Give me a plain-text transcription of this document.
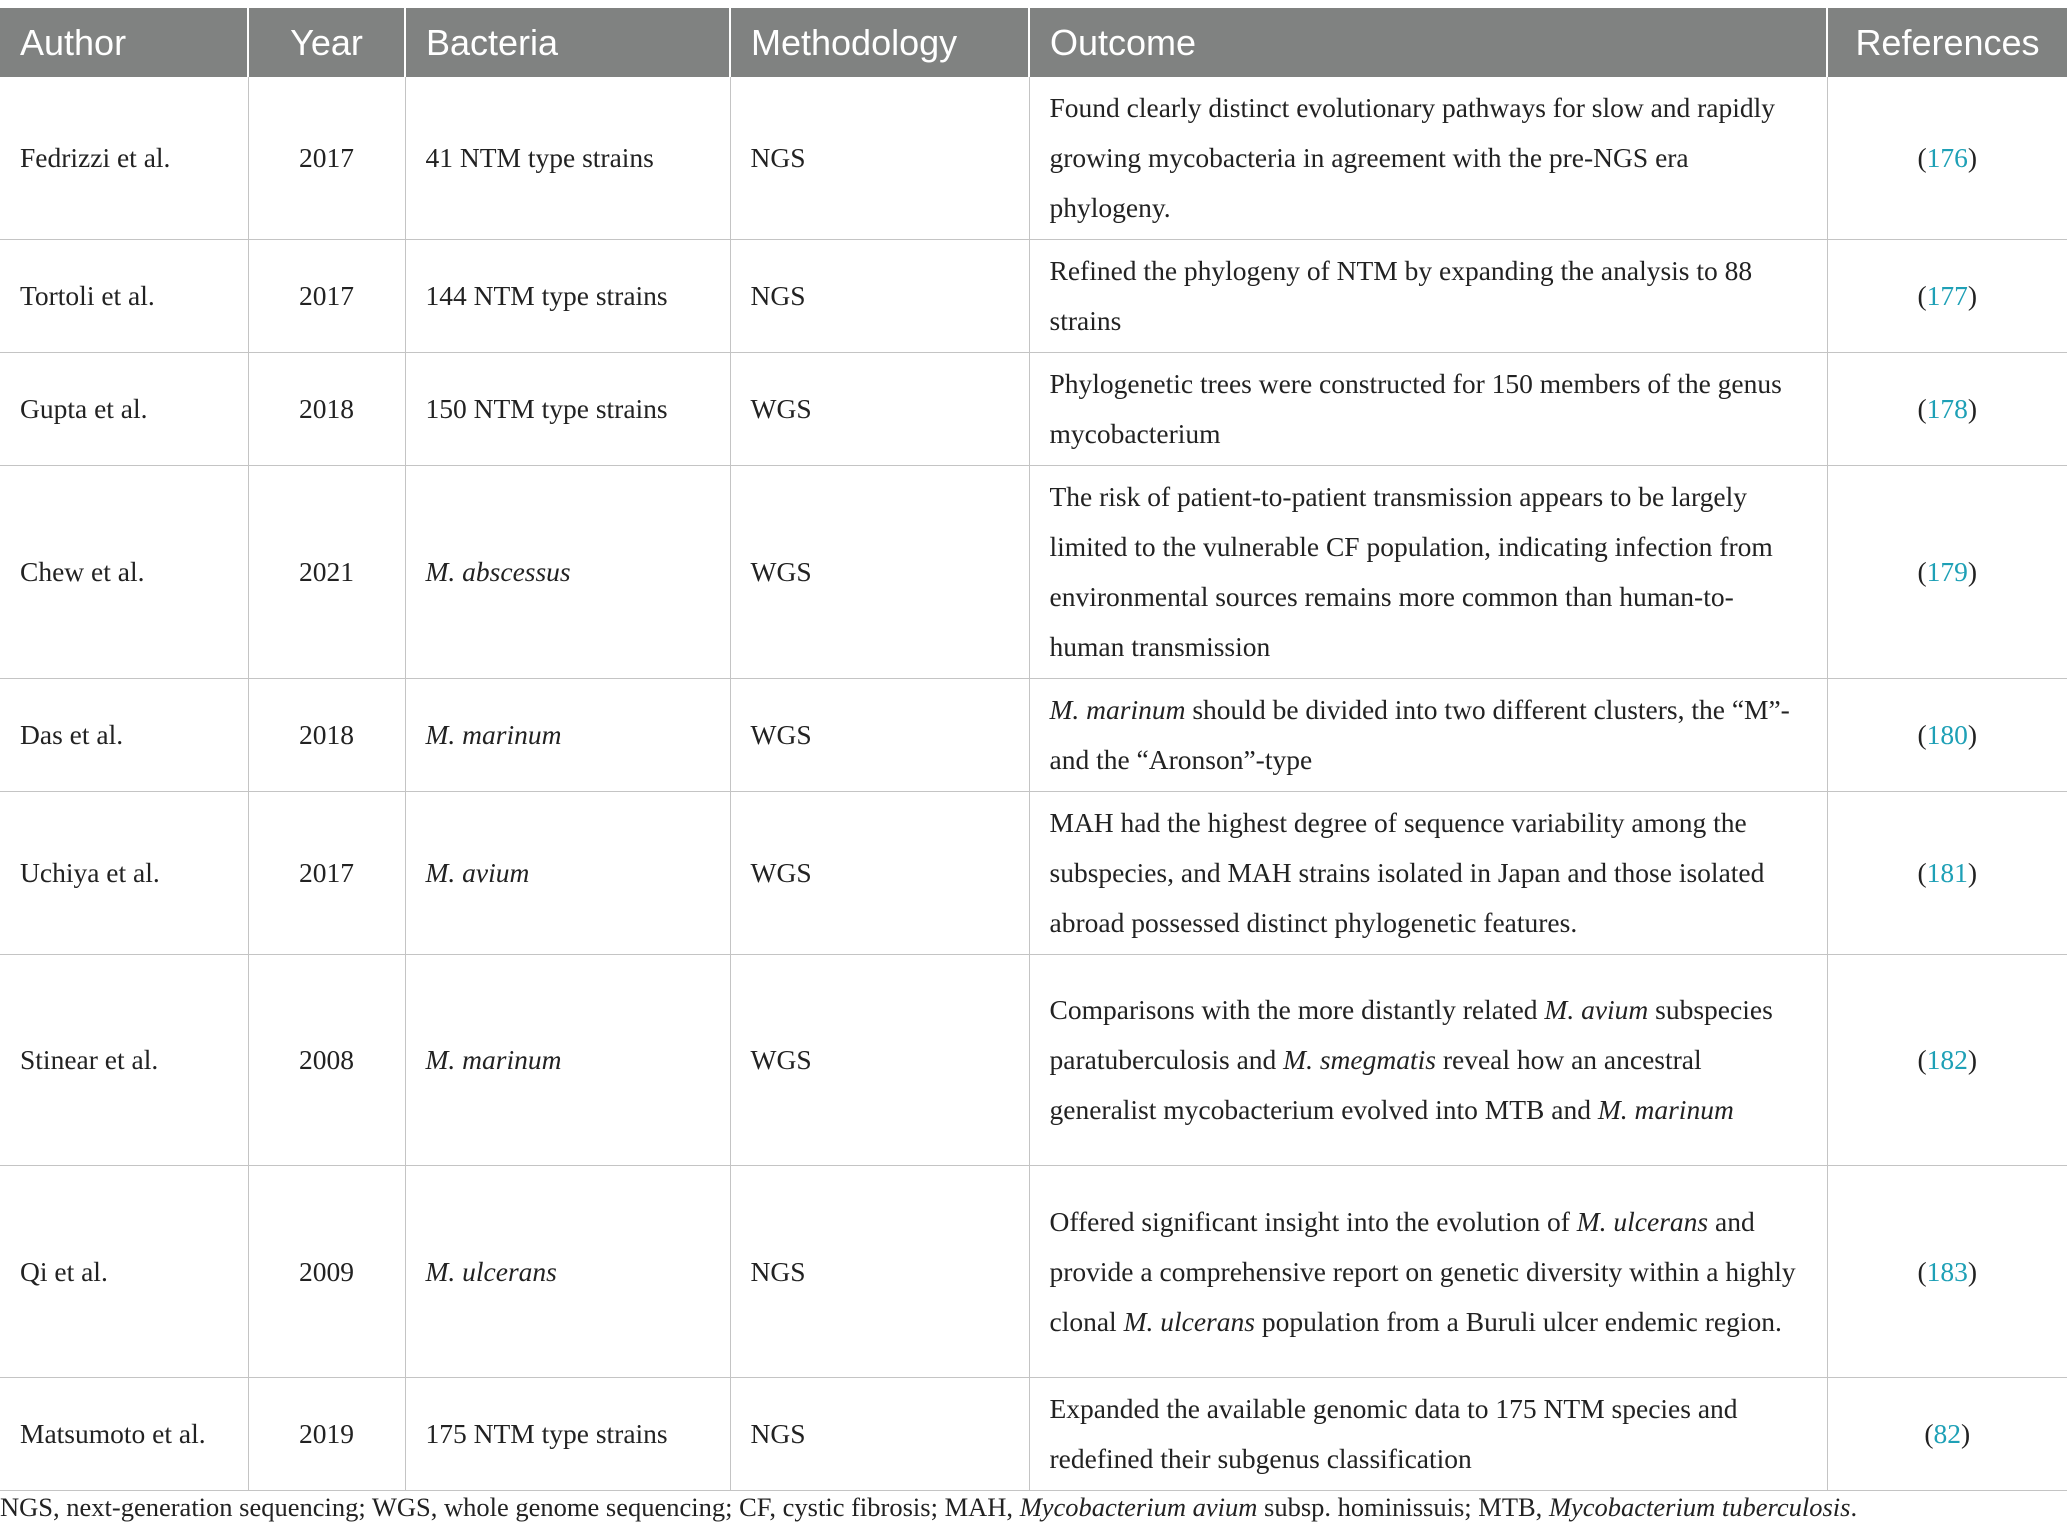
Author	Year	Bacteria	Methodology	Outcome	References
Fedrizzi et al.	2017	41 NTM type strains	NGS	Found clearly distinct evolutionary pathways for slow and rapidly growing mycobacteria in agreement with the pre-NGS era phylogeny.	(176)
Tortoli et al.	2017	144 NTM type strains	NGS	Refined the phylogeny of NTM by expanding the analysis to 88 strains	(177)
Gupta et al.	2018	150 NTM type strains	WGS	Phylogenetic trees were constructed for 150 members of the genus mycobacterium	(178)
Chew et al.	2021	M. abscessus	WGS	The risk of patient-to-patient transmission appears to be largely limited to the vulnerable CF population, indicating infection from environmental sources remains more common than human-to-human transmission	(179)
Das et al.	2018	M. marinum	WGS	M. marinum should be divided into two different clusters, the “M”- and the “Aronson”-type	(180)
Uchiya et al.	2017	M. avium	WGS	MAH had the highest degree of sequence variability among the subspecies, and MAH strains isolated in Japan and those isolated abroad possessed distinct phylogenetic features.	(181)
Stinear et al.	2008	M. marinum	WGS	Comparisons with the more distantly related M. avium subspecies paratuberculosis and M. smegmatis reveal how an ancestral generalist mycobacterium evolved into MTB and M. marinum	(182)
Qi et al.	2009	M. ulcerans	NGS	Offered significant insight into the evolution of M. ulcerans and provide a comprehensive report on genetic diversity within a highly clonal M. ulcerans population from a Buruli ulcer endemic region.	(183)
Matsumoto et al.	2019	175 NTM type strains	NGS	Expanded the available genomic data to 175 NTM species and redefined their subgenus classification	(82)
NGS, next-generation sequencing; WGS, whole genome sequencing; CF, cystic fibrosis; MAH, Mycobacterium avium subsp. hominissuis; MTB, Mycobacterium tuberculosis.
